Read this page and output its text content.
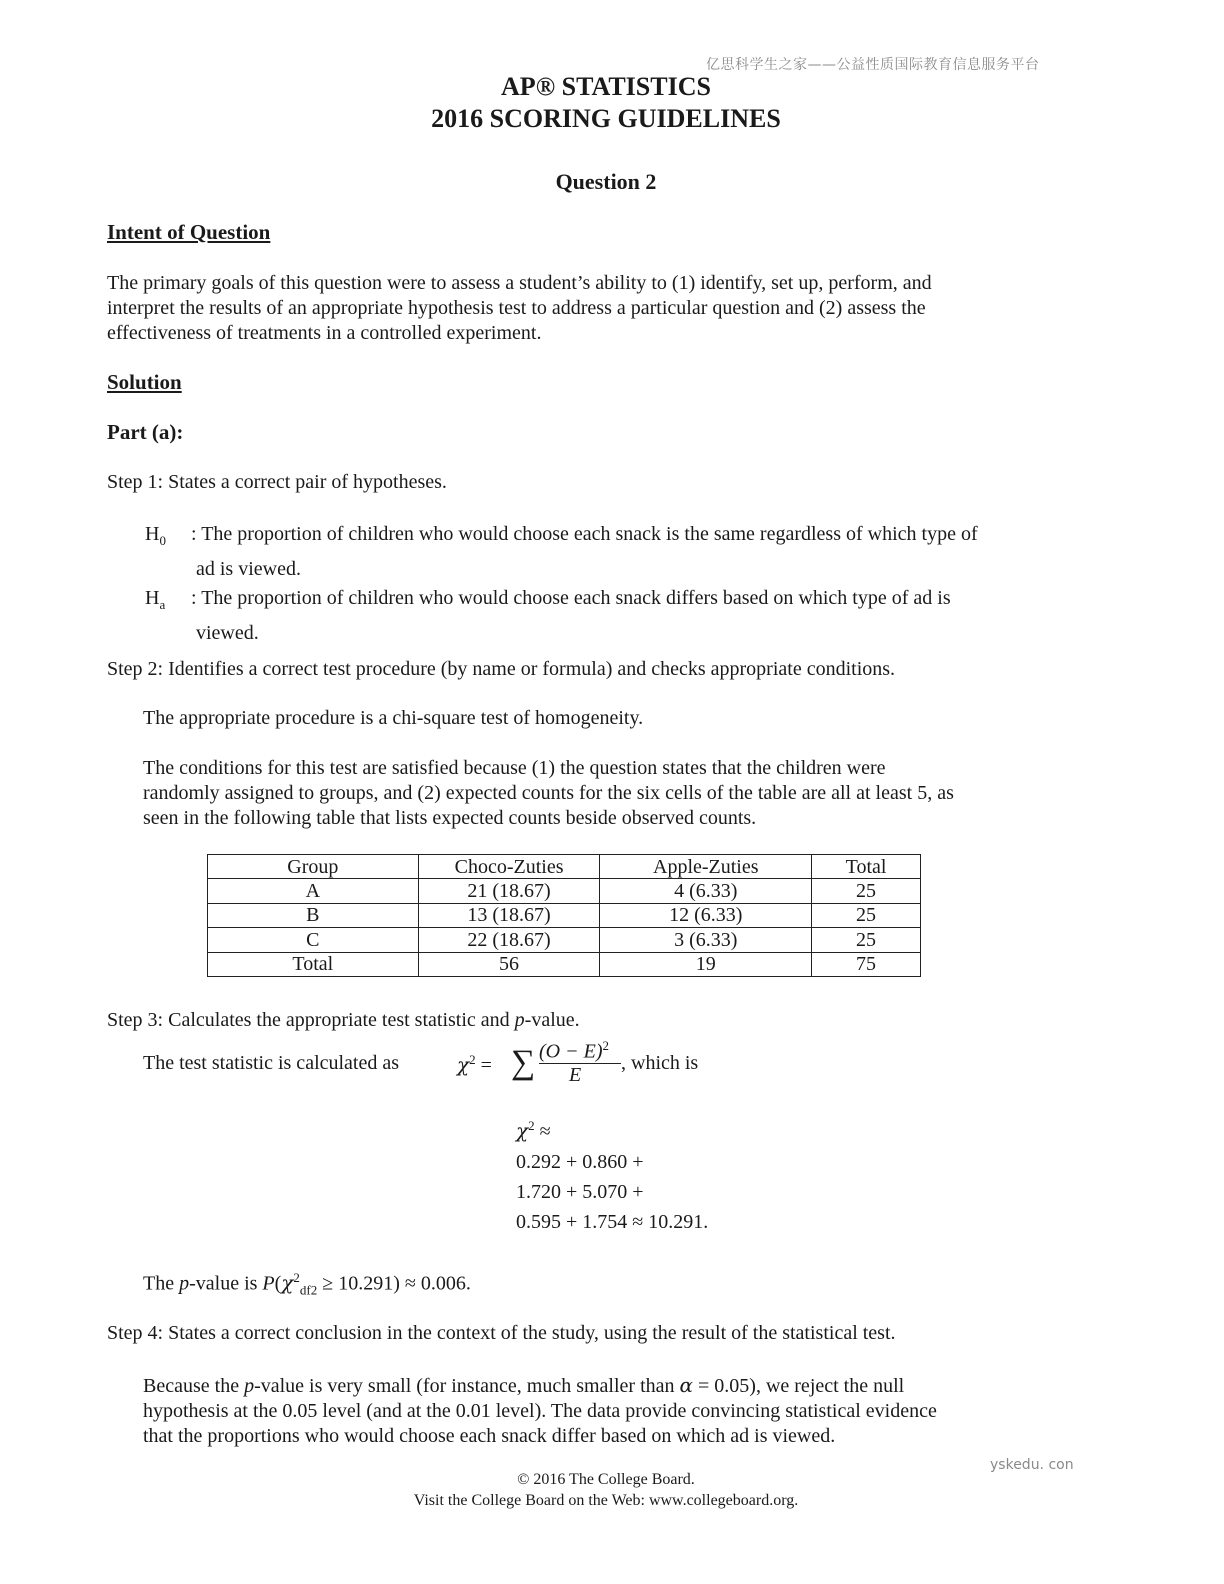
亿思科学生之家——公益性质国际教育信息服务平台
AP® STATISTICS
2016 SCORING GUIDELINES
Question 2
Intent of Question
The primary goals of this question were to assess a student’s ability to (1) identify, set up, perform, and
interpret the results of an appropriate hypothesis test to address a particular question and (2) assess the
effectiveness of treatments in a controlled experiment.
Solution
Part (a):
Step 1: States a correct pair of hypotheses.
$H_0$ : The proportion of children who would choose each snack is the same regardless of which type of
ad is viewed.
$H_a$ : The proportion of children who would choose each snack differs based on which type of ad is
viewed.
Step 2: Identifies a correct test procedure (by name or formula) and checks appropriate conditions.
The appropriate procedure is a chi-square test of homogeneity.
The conditions for this test are satisfied because (1) the question states that the children were
randomly assigned to groups, and (2) expected counts for the six cells of the table are all at least 5, as
seen in the following table that lists expected counts beside observed counts.
Group	Choco-Zuties	Apple-Zuties	Total
A	21 (18.67)	4 (6.33)	25
B	13 (18.67)	12 (6.33)	25
C	22 (18.67)	3 (6.33)	25
Total	56	19	75
Step 3: Calculates the appropriate test statistic and p-value.
The test statistic is calculated as	$\chi^2$ = ∑ $(O - E)^2$
E
, which is
$\chi^2$ ≈
0.292 + 0.860 +
1.720 + 5.070 +
0.595 + 1.754 ≈ 10.291.
The p-value is $P(\chi^2_{df2} \ge 10.291) \approx 0.006$.
Step 4: States a correct conclusion in the context of the study, using the result of the statistical test.
Because the p-value is very small (for instance, much smaller than α = 0.05), we reject the null
hypothesis at the 0.05 level (and at the 0.01 level). The data provide convincing statistical evidence
that the proportions who would choose each snack differ based on which ad is viewed.
yskedu. con
© 2016 The College Board.
Visit the College Board on the Web: www.collegeboard.org.
